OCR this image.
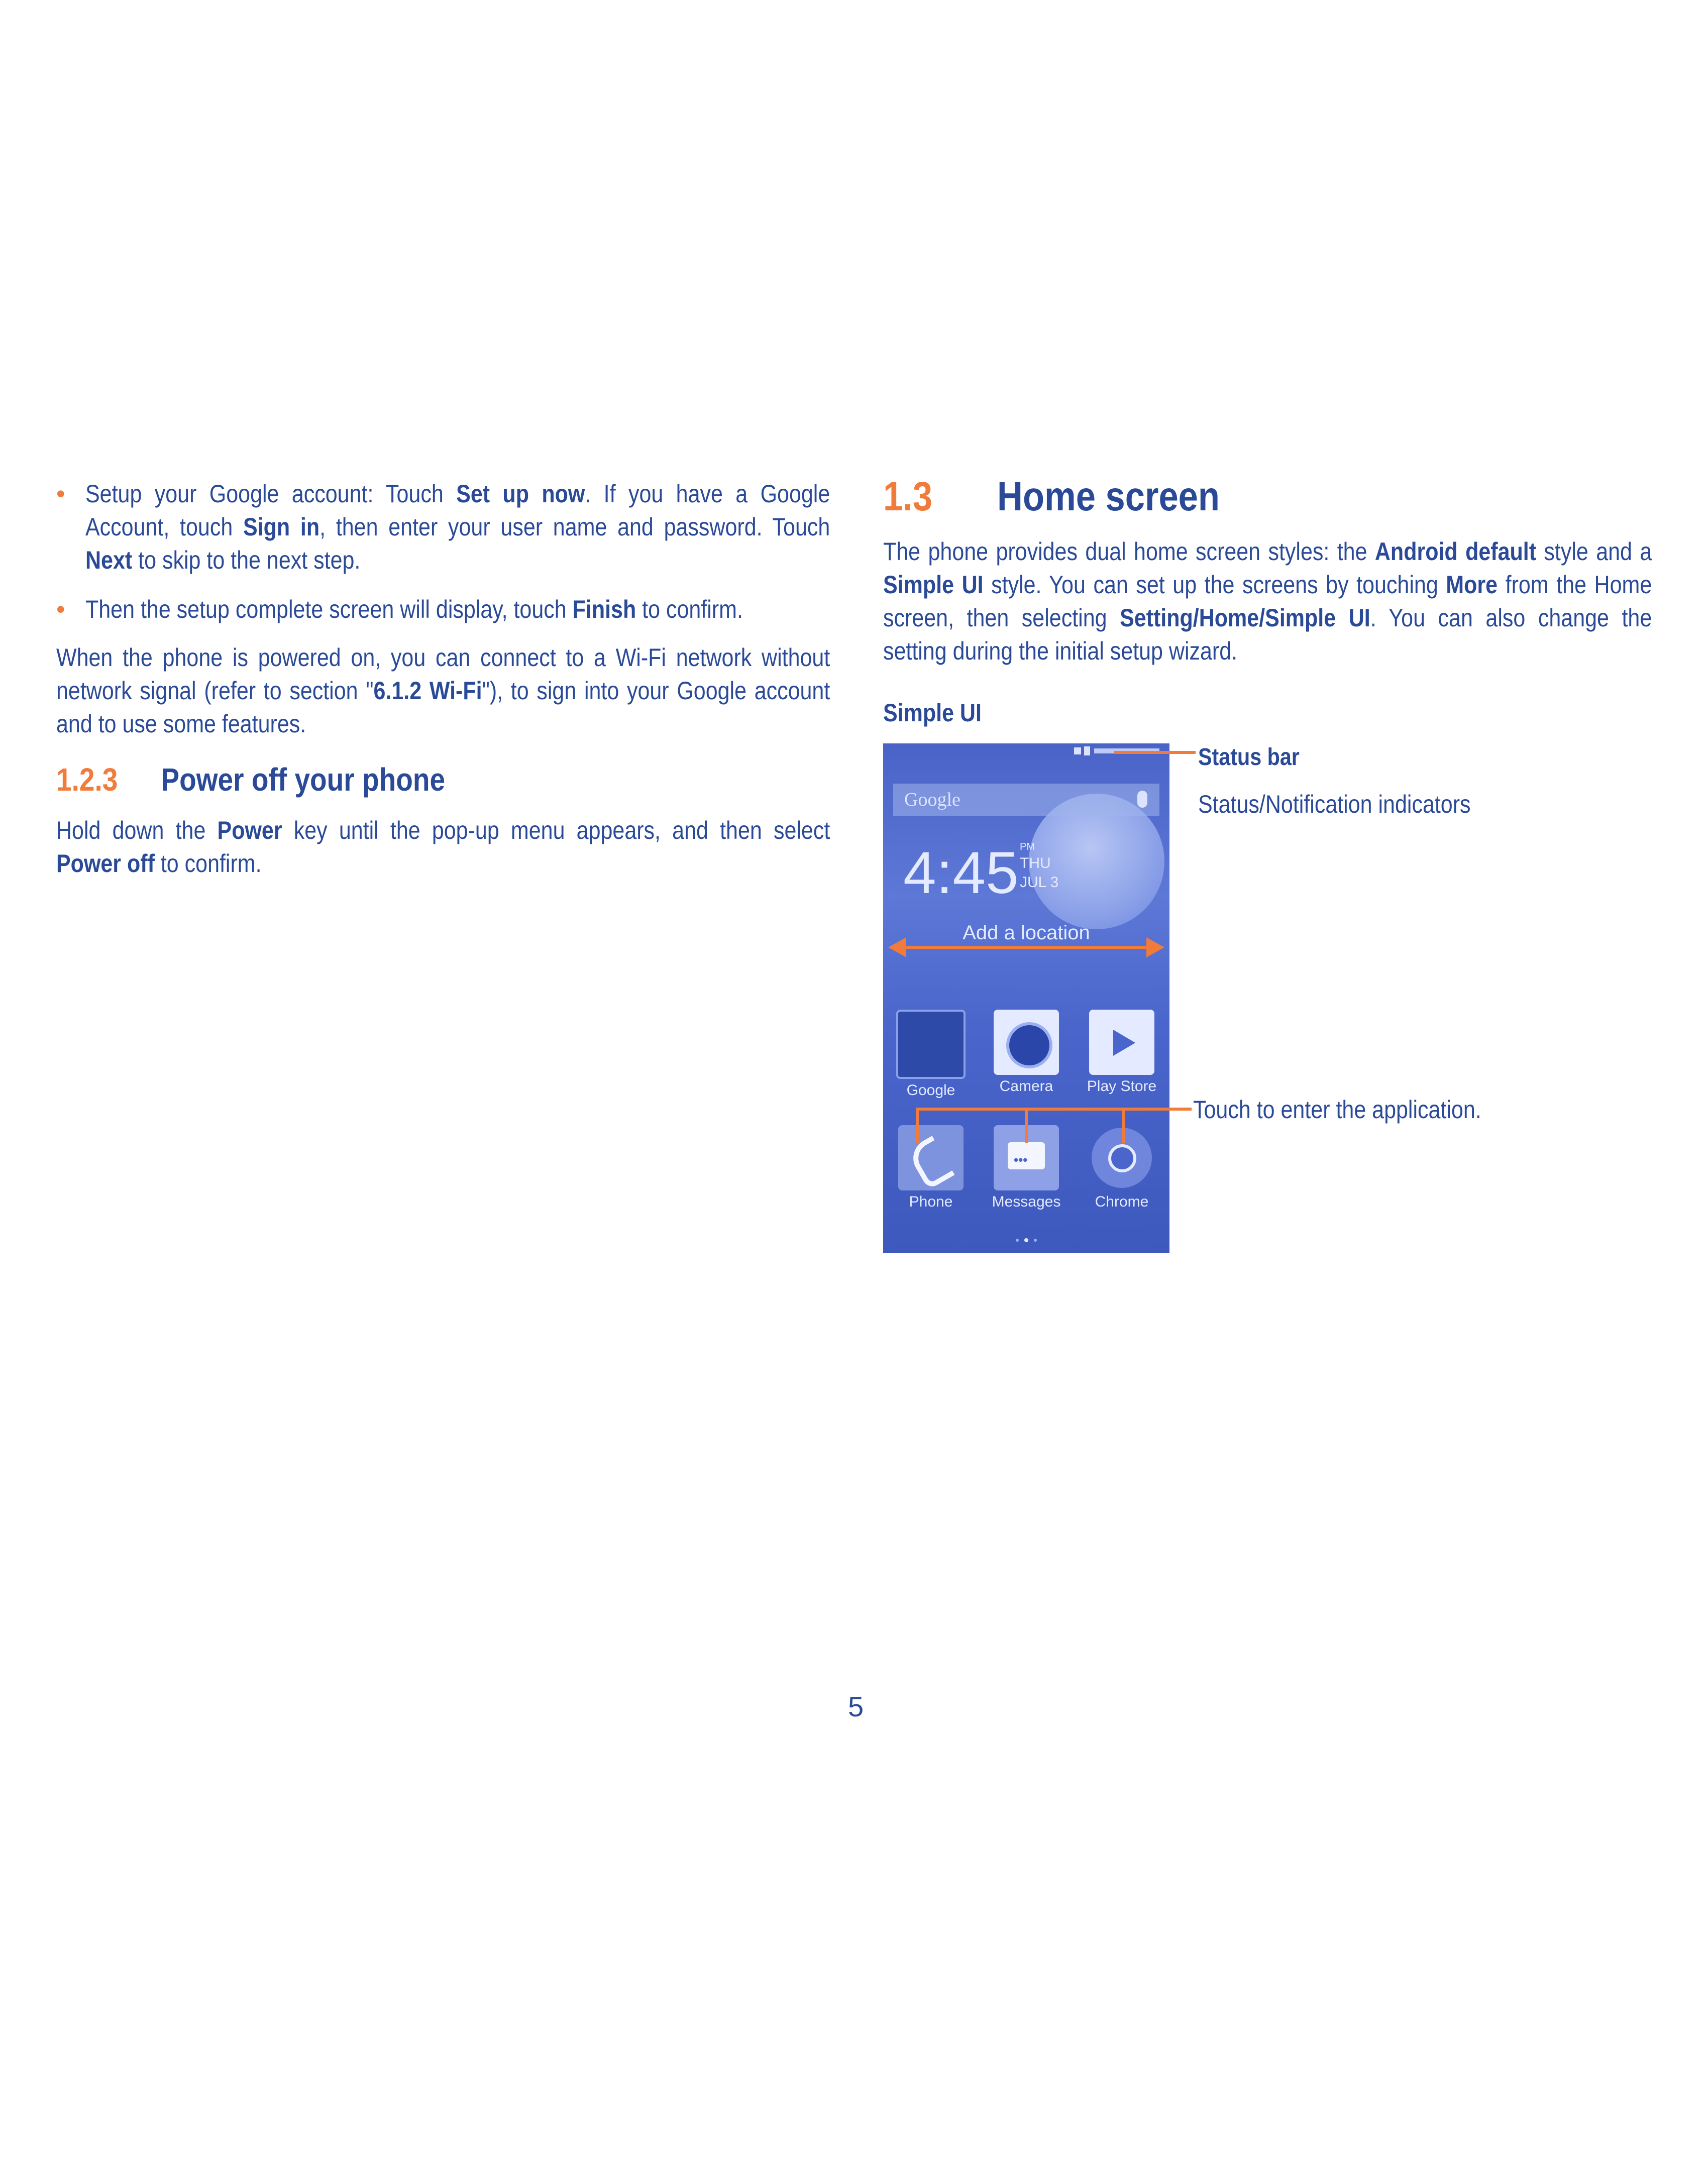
• Setup your Google account: Touch Set up now. If you have a Google Account, touch Sign in, then enter your user name and password. Touch Next to skip to the next step.

• Then the setup complete screen will display, touch Finish to confirm.

When the phone is powered on, you can connect to a Wi-Fi network without network signal (refer to section "6.1.2 Wi-Fi"), to sign into your Google account and to use some features.

1.2.3 Power off your phone

Hold down the Power key until the pop-up menu appears, and then select Power off to confirm.

1.3 Home screen

The phone provides dual home screen styles: the Android default style and a Simple UI style. You can set up the screens by touching More from the Home screen, then selecting Setting/Home/Simple UI. You can also change the setting during the initial setup wizard.

Simple UI
Google
4:45 PM
THU
JUL 3
Add a location
Google	Camera	Play Store
Phone
•••
Messages	Chrome
Status bar
Status/Notification indicators
Touch to enter the application.
5
